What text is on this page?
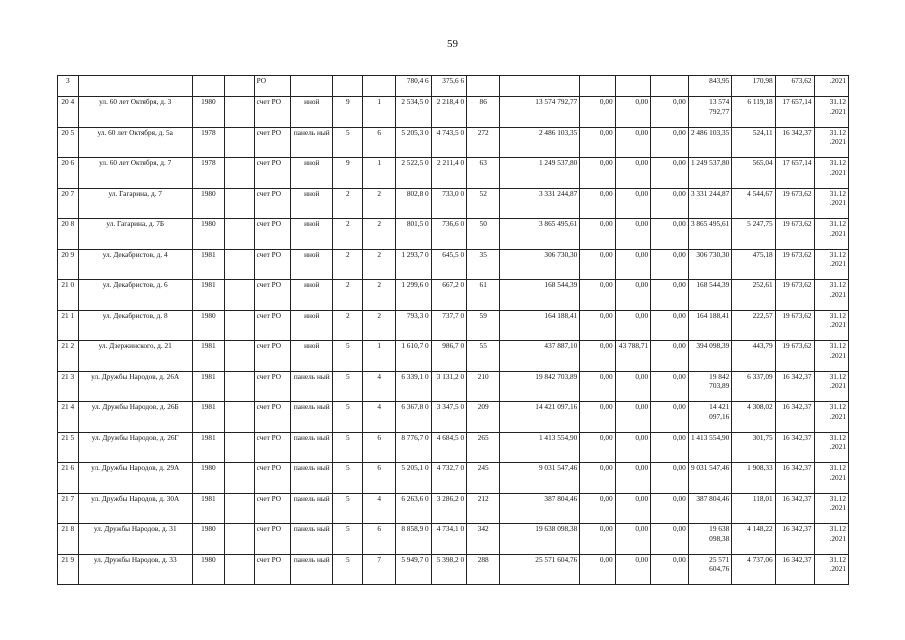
59
3				РО				780,4 6	375,6 6						843,95	170,98	673,62	.2021
20 4	ул. 60 лет Октября, д. 3	1980		счет РО	иной	9	1	2 534,5 0	2 218,4 0	86	13 574 792,77	0,00	0,00	0,00	13 574 792,77	6 119,18	17 657,14	31.12 .2021
20 5	ул. 60 лет Октября, д. 5а	1978		счет РО	панель ный	5	6	5 205,3 0	4 743,5 0	272	2 486 103,35	0,00	0,00	0,00	2 486 103,35	524,11	16 342,37	31.12 .2021
20 6	ул. 60 лет Октября, д. 7	1978		счет РО	иной	9	1	2 522,5 0	2 211,4 0	63	1 249 537,80	0,00	0,00	0,00	1 249 537,80	565,04	17 657,14	31.12 .2021
20 7	ул. Гагарина, д. 7	1980		счет РО	иной	2	2	802,8 0	733,0 0	52	3 331 244,87	0,00	0,00	0,00	3 331 244,87	4 544,67	19 673,62	31.12 .2021
20 8	ул. Гагарина, д. 7Б	1980		счет РО	иной	2	2	801,5 0	736,6 0	50	3 865 495,61	0,00	0,00	0,00	3 865 495,61	5 247,75	19 673,62	31.12 .2021
20 9	ул. Декабристов, д. 4	1981		счет РО	иной	2	2	1 293,7 0	645,5 0	35	306 730,30	0,00	0,00	0,00	306 730,30	475,18	19 673,62	31.12 .2021
21 0	ул. Декабристов, д. 6	1981		счет РО	иной	2	2	1 299,6 0	667,2 0	61	168 544,39	0,00	0,00	0,00	168 544,39	252,61	19 673,62	31.12 .2021
21 1	ул. Декабристов, д. 8	1980		счет РО	иной	2	2	793,3 0	737,7 0	59	164 188,41	0,00	0,00	0,00	164 188,41	222,57	19 673,62	31.12 .2021
21 2	ул. Дзержинского, д. 21	1981		счет РО	иной	5	1	1 610,7 0	986,7 0	55	437 887,10	0,00	43 788,71	0,00	394 098,39	443,79	19 673,62	31.12 .2021
21 3	ул. Дружбы Народов, д. 26А	1981		счет РО	панель ный	5	4	6 339,1 0	3 131,2 0	210	19 842 703,89	0,00	0,00	0,00	19 842 703,89	6 337,09	16 342,37	31.12 .2021
21 4	ул. Дружбы Народов, д. 26Б	1981		счет РО	панель ный	5	4	6 367,8 0	3 347,5 0	209	14 421 097,16	0,00	0,00	0,00	14 421 097,16	4 308,02	16 342,37	31.12 .2021
21 5	ул. Дружбы Народов, д. 26Г	1981		счет РО	панель ный	5	6	8 776,7 0	4 684,5 0	265	1 413 554,90	0,00	0,00	0,00	1 413 554,90	301,75	16 342,37	31.12 .2021
21 6	ул. Дружбы Народов, д. 29А	1980		счет РО	панель ный	5	6	5 205,1 0	4 732,7 0	245	9 031 547,46	0,00	0,00	0,00	9 031 547,46	1 908,33	16 342,37	31.12 .2021
21 7	ул. Дружбы Народов, д. 30А	1981		счет РО	панель ный	5	4	6 263,6 0	3 286,2 0	212	387 804,46	0,00	0,00	0,00	387 804,46	118,01	16 342,37	31.12 .2021
21 8	ул. Дружбы Народов, д. 31	1980		счет РО	панель ный	5	6	8 858,9 0	4 734,1 0	342	19 638 098,38	0,00	0,00	0,00	19 638 098,38	4 148,22	16 342,37	31.12 .2021
21 9	ул. Дружбы Народов, д. 33	1980		счет РО	панель ный	5	7	5 949,7 0	5 398,2 0	288	25 571 604,76	0,00	0,00	0,00	25 571 604,76	4 737,06	16 342,37	31.12 .2021
